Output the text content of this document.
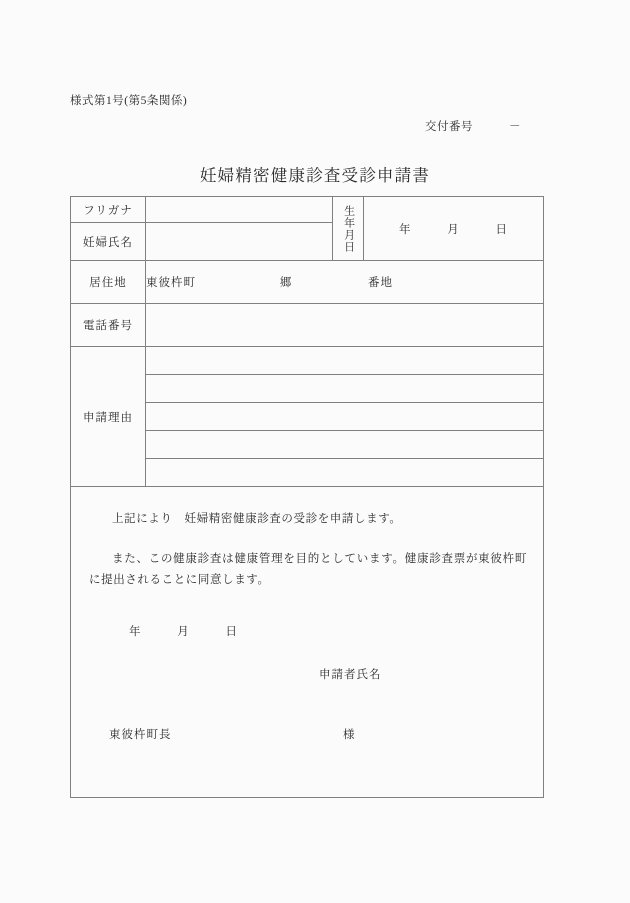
様式第1号(第5条関係)
交付番号　　　－
妊婦精密健康診査受診申請書
フリガナ		生年月日	年 月 日
妊婦氏名			
居住地	東彼杵町 郷 番地		
電話番号			
申請理由			

上記により　妊婦精密健康診査の受診を申請します。
また、この健康診査は健康管理を目的としています。健康診査票が東彼杵町に提出されることに同意します。
年	月	日
申請者氏名
東彼杵町長	様
